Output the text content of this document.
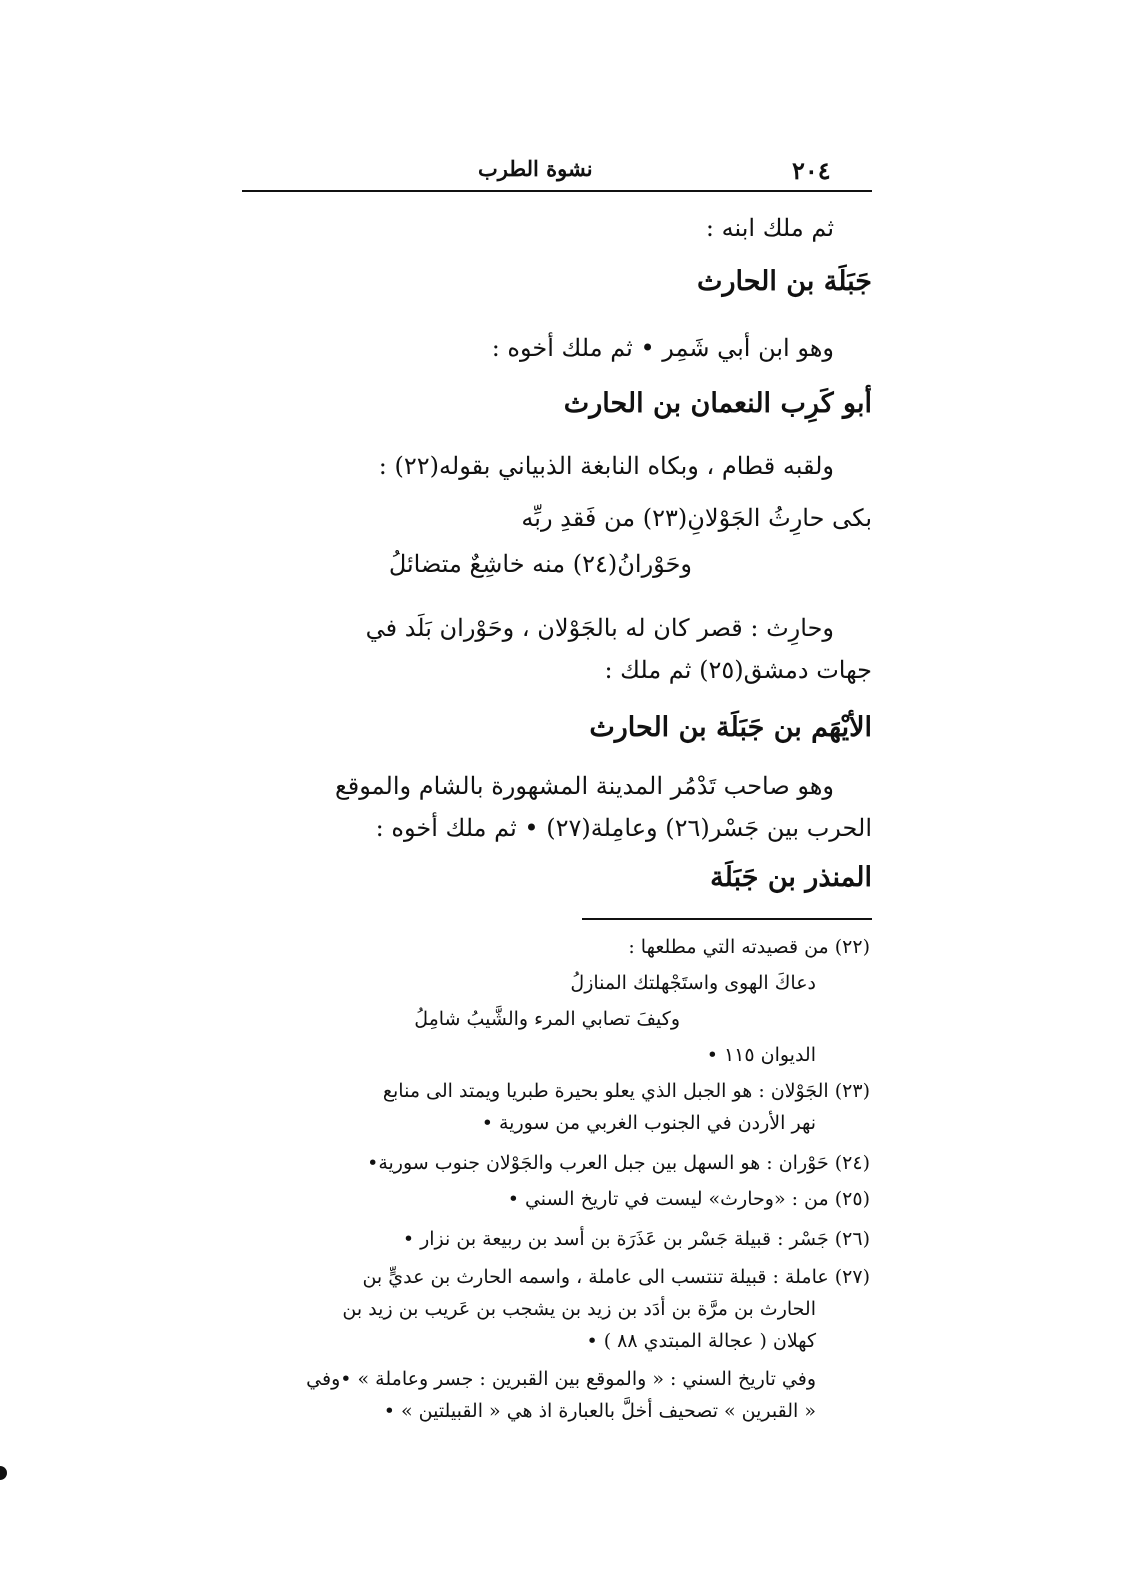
٢٠٤
نشوة الطرب
ثم ملك ابنه :
جَبَلَة بن الحارث
وهو ابن أبي شَمِر • ثم ملك أخوه :
أبو كَرِب النعمان بن الحارث
ولقبه قطام ، وبكاه النابغة الذبياني بقوله(٢٢) :
بكى حارِثُ الجَوْلانِ(٢٣) من فَقدِ ربِّه
وحَوْرانُ(٢٤) منه خاشِعٌ متضائلُ
وحارِث : قصر كان له بالجَوْلان ، وحَوْران بَلَد في
جهات دمشق(٢٥) ثم ملك :
الأيْهَم بن جَبَلَة بن الحارث
وهو صاحب تَدْمُر المدينة المشهورة بالشام والموقع
الحرب بين جَسْر(٢٦) وعامِلة(٢٧) • ثم ملك أخوه :
المنذر بن جَبَلَة
(٢٢) من قصيدته التي مطلعها :
دعاكَ الهوى واستَجْهلتك المنازلُ
وكيفَ تصابي المرء والشَّيبُ شامِلُ
الديوان ١١٥ •
(٢٣) الجَوْلان : هو الجبل الذي يعلو بحيرة طبريا ويمتد الى منابع
نهر الأردن في الجنوب الغربي من سورية •
(٢٤) حَوْران : هو السهل بين جبل العرب والجَوْلان جنوب سورية•
(٢٥) من : «وحارث» ليست في تاريخ السني •
(٢٦) جَسْر : قبيلة جَسْر بن عَذَرَة بن أسد بن ربيعة بن نزار •
(٢٧) عاملة : قبيلة تنتسب الى عاملة ، واسمه الحارث بن عديٍّ بن
الحارث بن مرَّة بن أدَد بن زيد بن يشجب بن عَريب بن زيد بن
كهلان ( عجالة المبتدي ٨٨ ) •
وفي تاريخ السني : « والموقع بين القبرين : جسر وعاملة » •وفي
« القبرين » تصحيف أخلَّ بالعبارة اذ هي « القبيلتين » •
